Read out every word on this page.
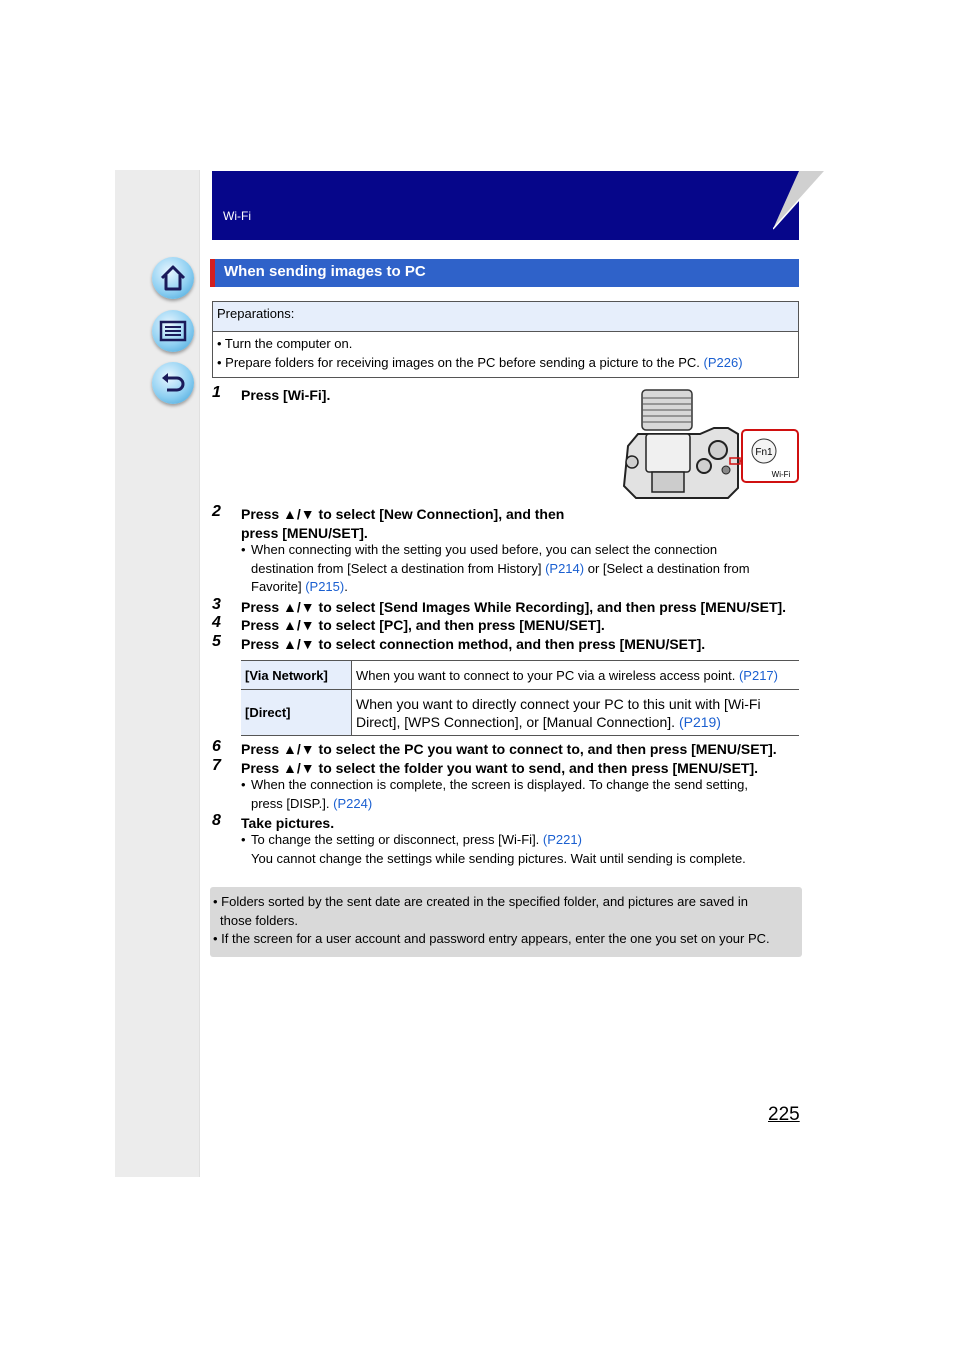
Wi-Fi
When sending images to PC
Preparations:
• Turn the computer on.
• Prepare folders for receiving images on the PC before sending a picture to the PC. (P226)
1 Press [Wi-Fi].
Fn1
Wi-Fi
2 Press ▲/▼ to select [New Connection], and then
press [MENU/SET].
• When connecting with the setting you used before, you can select the connection
destination from [Select a destination from History] (P214) or [Select a destination from
Favorite] (P215).
3 Press ▲/▼ to select [Send Images While Recording], and then press [MENU/SET].
4 Press ▲/▼ to select [PC], and then press [MENU/SET].
5 Press ▲/▼ to select connection method, and then press [MENU/SET].
[Via Network]	When you want to connect to your PC via a wireless access point. (P217)
[Direct]	When you want to directly connect your PC to this unit with [Wi-Fi
Direct], [WPS Connection], or [Manual Connection]. (P219)
6 Press ▲/▼ to select the PC you want to connect to, and then press [MENU/SET].
7 Press ▲/▼ to select the folder you want to send, and then press [MENU/SET].
• When the connection is complete, the screen is displayed. To change the send setting,
press [DISP.]. (P224)
8 Take pictures.
• To change the setting or disconnect, press [Wi-Fi]. (P221)
You cannot change the settings while sending pictures. Wait until sending is complete.
• Folders sorted by the sent date are created in the specified folder, and pictures are saved in
those folders.
• If the screen for a user account and password entry appears, enter the one you set on your PC.
225
